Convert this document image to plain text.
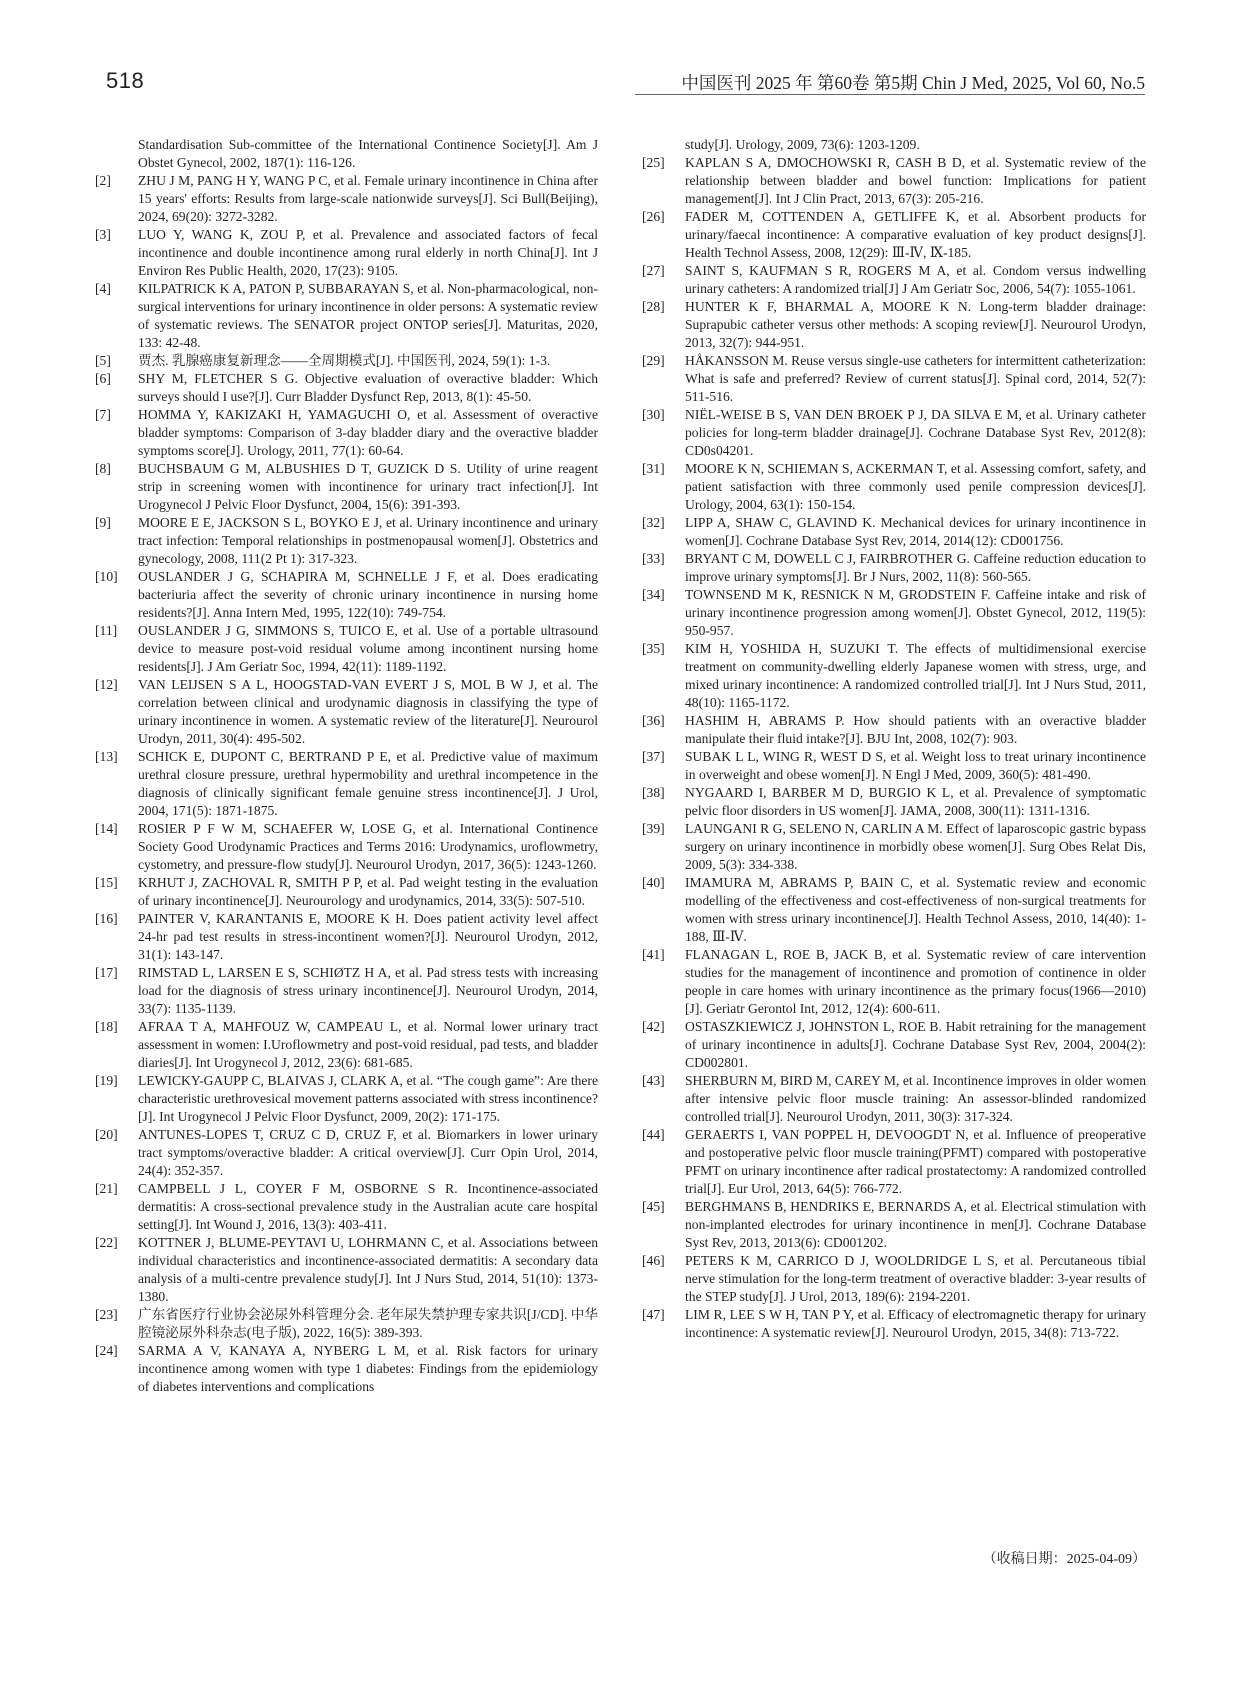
518	中国医刊 2025 年 第60卷 第5期 Chin J Med, 2025, Vol 60, No.5
Standardisation Sub-committee of the International Continence Society[J]. Am J Obstet Gynecol, 2002, 187(1): 116-126.
[2] ZHU J M, PANG H Y, WANG P C, et al. Female urinary incontinence in China after 15 years' efforts: Results from large-scale nationwide surveys[J]. Sci Bull(Beijing), 2024, 69(20): 3272-3282.
[3] LUO Y, WANG K, ZOU P, et al. Prevalence and associated factors of fecal incontinence and double incontinence among rural elderly in north China[J]. Int J Environ Res Public Health, 2020, 17(23): 9105.
[4] KILPATRICK K A, PATON P, SUBBARAYAN S, et al. Non-pharmacological, non-surgical interventions for urinary incontinence in older persons: A systematic review of systematic reviews. The SENATOR project ONTOP series[J]. Maturitas, 2020, 133: 42-48.
[5] 贾杰. 乳腺癌康复新理念——全周期模式[J]. 中国医刊, 2024, 59(1): 1-3.
[6] SHY M, FLETCHER S G. Objective evaluation of overactive bladder: Which surveys should I use?[J]. Curr Bladder Dysfunct Rep, 2013, 8(1): 45-50.
[7] HOMMA Y, KAKIZAKI H, YAMAGUCHI O, et al. Assessment of overactive bladder symptoms: Comparison of 3-day bladder diary and the overactive bladder symptoms score[J]. Urology, 2011, 77(1): 60-64.
[8] BUCHSBAUM G M, ALBUSHIES D T, GUZICK D S. Utility of urine reagent strip in screening women with incontinence for urinary tract infection[J]. Int Urogynecol J Pelvic Floor Dysfunct, 2004, 15(6): 391-393.
[9] MOORE E E, JACKSON S L, BOYKO E J, et al. Urinary incontinence and urinary tract infection: Temporal relationships in postmenopausal women[J]. Obstetrics and gynecology, 2008, 111(2 Pt 1): 317-323.
[10] OUSLANDER J G, SCHAPIRA M, SCHNELLE J F, et al. Does eradicating bacteriuria affect the severity of chronic urinary incontinence in nursing home residents?[J]. Anna Intern Med, 1995, 122(10): 749-754.
[11] OUSLANDER J G, SIMMONS S, TUICO E, et al. Use of a portable ultrasound device to measure post-void residual volume among incontinent nursing home residents[J]. J Am Geriatr Soc, 1994, 42(11): 1189-1192.
[12] VAN LEIJSEN S A L, HOOGSTAD-VAN EVERT J S, MOL B W J, et al. The correlation between clinical and urodynamic diagnosis in classifying the type of urinary incontinence in women. A systematic review of the literature[J]. Neurourol Urodyn, 2011, 30(4): 495-502.
[13] SCHICK E, DUPONT C, BERTRAND P E, et al. Predictive value of maximum urethral closure pressure, urethral hypermobility and urethral incompetence in the diagnosis of clinically significant female genuine stress incontinence[J]. J Urol, 2004, 171(5): 1871-1875.
[14] ROSIER P F W M, SCHAEFER W, LOSE G, et al. International Continence Society Good Urodynamic Practices and Terms 2016: Urodynamics, uroflowmetry, cystometry, and pressure-flow study[J]. Neurourol Urodyn, 2017, 36(5): 1243-1260.
[15] KRHUT J, ZACHOVAL R, SMITH P P, et al. Pad weight testing in the evaluation of urinary incontinence[J]. Neurourology and urodynamics, 2014, 33(5): 507-510.
[16] PAINTER V, KARANTANIS E, MOORE K H. Does patient activity level affect 24-hr pad test results in stress-incontinent women?[J]. Neurourol Urodyn, 2012, 31(1): 143-147.
[17] RIMSTAD L, LARSEN E S, SCHIØTZ H A, et al. Pad stress tests with increasing load for the diagnosis of stress urinary incontinence[J]. Neurourol Urodyn, 2014, 33(7): 1135-1139.
[18] AFRAA T A, MAHFOUZ W, CAMPEAU L, et al. Normal lower urinary tract assessment in women: I.Uroflowmetry and post-void residual, pad tests, and bladder diaries[J]. Int Urogynecol J, 2012, 23(6): 681-685.
[19] LEWICKY-GAUPP C, BLAIVAS J, CLARK A, et al. “The cough game”: Are there characteristic urethrovesical movement patterns associated with stress incontinence?[J]. Int Urogynecol J Pelvic Floor Dysfunct, 2009, 20(2): 171-175.
[20] ANTUNES-LOPES T, CRUZ C D, CRUZ F, et al. Biomarkers in lower urinary tract symptoms/overactive bladder: A critical overview[J]. Curr Opin Urol, 2014, 24(4): 352-357.
[21] CAMPBELL J L, COYER F M, OSBORNE S R. Incontinence-associated dermatitis: A cross-sectional prevalence study in the Australian acute care hospital setting[J]. Int Wound J, 2016, 13(3): 403-411.
[22] KOTTNER J, BLUME-PEYTAVI U, LOHRMANN C, et al. Associations between individual characteristics and incontinence-associated dermatitis: A secondary data analysis of a multi-centre prevalence study[J]. Int J Nurs Stud, 2014, 51(10): 1373-1380.
[23] 广东省医疗行业协会泌尿外科管理分会. 老年尿失禁护理专家共识[J/CD]. 中华腔镜泌尿外科杂志(电子版), 2022, 16(5): 389-393.
[24] SARMA A V, KANAYA A, NYBERG L M, et al. Risk factors for urinary incontinence among women with type 1 diabetes: Findings from the epidemiology of diabetes interventions and complications
study[J]. Urology, 2009, 73(6): 1203-1209.
[25] KAPLAN S A, DMOCHOWSKI R, CASH B D, et al. Systematic review of the relationship between bladder and bowel function: Implications for patient management[J]. Int J Clin Pract, 2013, 67(3): 205-216.
[26] FADER M, COTTENDEN A, GETLIFFE K, et al. Absorbent products for urinary/faecal incontinence: A comparative evaluation of key product designs[J]. Health Technol Assess, 2008, 12(29): Ⅲ-Ⅳ, Ⅸ-185.
[27] SAINT S, KAUFMAN S R, ROGERS M A, et al. Condom versus indwelling urinary catheters: A randomized trial[J] J Am Geriatr Soc, 2006, 54(7): 1055-1061.
[28] HUNTER K F, BHARMAL A, MOORE K N. Long-term bladder drainage: Suprapubic catheter versus other methods: A scoping review[J]. Neurourol Urodyn, 2013, 32(7): 944-951.
[29] HÅKANSSON M. Reuse versus single-use catheters for intermittent catheterization: What is safe and preferred? Review of current status[J]. Spinal cord, 2014, 52(7): 511-516.
[30] NIËL-WEISE B S, VAN DEN BROEK P J, DA SILVA E M, et al. Urinary catheter policies for long-term bladder drainage[J]. Cochrane Database Syst Rev, 2012(8): CD0s04201.
[31] MOORE K N, SCHIEMAN S, ACKERMAN T, et al. Assessing comfort, safety, and patient satisfaction with three commonly used penile compression devices[J]. Urology, 2004, 63(1): 150-154.
[32] LIPP A, SHAW C, GLAVIND K. Mechanical devices for urinary incontinence in women[J]. Cochrane Database Syst Rev, 2014, 2014(12): CD001756.
[33] BRYANT C M, DOWELL C J, FAIRBROTHER G. Caffeine reduction education to improve urinary symptoms[J]. Br J Nurs, 2002, 11(8): 560-565.
[34] TOWNSEND M K, RESNICK N M, GRODSTEIN F. Caffeine intake and risk of urinary incontinence progression among women[J]. Obstet Gynecol, 2012, 119(5): 950-957.
[35] KIM H, YOSHIDA H, SUZUKI T. The effects of multidimensional exercise treatment on community-dwelling elderly Japanese women with stress, urge, and mixed urinary incontinence: A randomized controlled trial[J]. Int J Nurs Stud, 2011, 48(10): 1165-1172.
[36] HASHIM H, ABRAMS P. How should patients with an overactive bladder manipulate their fluid intake?[J]. BJU Int, 2008, 102(7): 903.
[37] SUBAK L L, WING R, WEST D S, et al. Weight loss to treat urinary incontinence in overweight and obese women[J]. N Engl J Med, 2009, 360(5): 481-490.
[38] NYGAARD I, BARBER M D, BURGIO K L, et al. Prevalence of symptomatic pelvic floor disorders in US women[J]. JAMA, 2008, 300(11): 1311-1316.
[39] LAUNGANI R G, SELENO N, CARLIN A M. Effect of laparoscopic gastric bypass surgery on urinary incontinence in morbidly obese women[J]. Surg Obes Relat Dis, 2009, 5(3): 334-338.
[40] IMAMURA M, ABRAMS P, BAIN C, et al. Systematic review and economic modelling of the effectiveness and cost-effectiveness of non-surgical treatments for women with stress urinary incontinence[J]. Health Technol Assess, 2010, 14(40): 1-188, Ⅲ-Ⅳ.
[41] FLANAGAN L, ROE B, JACK B, et al. Systematic review of care intervention studies for the management of incontinence and promotion of continence in older people in care homes with urinary incontinence as the primary focus(1966—2010)[J]. Geriatr Gerontol Int, 2012, 12(4): 600-611.
[42] OSTASZKIEWICZ J, JOHNSTON L, ROE B. Habit retraining for the management of urinary incontinence in adults[J]. Cochrane Database Syst Rev, 2004, 2004(2): CD002801.
[43] SHERBURN M, BIRD M, CAREY M, et al. Incontinence improves in older women after intensive pelvic floor muscle training: An assessor-blinded randomized controlled trial[J]. Neurourol Urodyn, 2011, 30(3): 317-324.
[44] GERAERTS I, VAN POPPEL H, DEVOOGDT N, et al. Influence of preoperative and postoperative pelvic floor muscle training(PFMT) compared with postoperative PFMT on urinary incontinence after radical prostatectomy: A randomized controlled trial[J]. Eur Urol, 2013, 64(5): 766-772.
[45] BERGHMANS B, HENDRIKS E, BERNARDS A, et al. Electrical stimulation with non-implanted electrodes for urinary incontinence in men[J]. Cochrane Database Syst Rev, 2013, 2013(6): CD001202.
[46] PETERS K M, CARRICO D J, WOOLDRIDGE L S, et al. Percutaneous tibial nerve stimulation for the long-term treatment of overactive bladder: 3-year results of the STEP study[J]. J Urol, 2013, 189(6): 2194-2201.
[47] LIM R, LEE S W H, TAN P Y, et al. Efficacy of electromagnetic therapy for urinary incontinence: A systematic review[J]. Neurourol Urodyn, 2015, 34(8): 713-722.
（收稿日期：2025-04-09）
